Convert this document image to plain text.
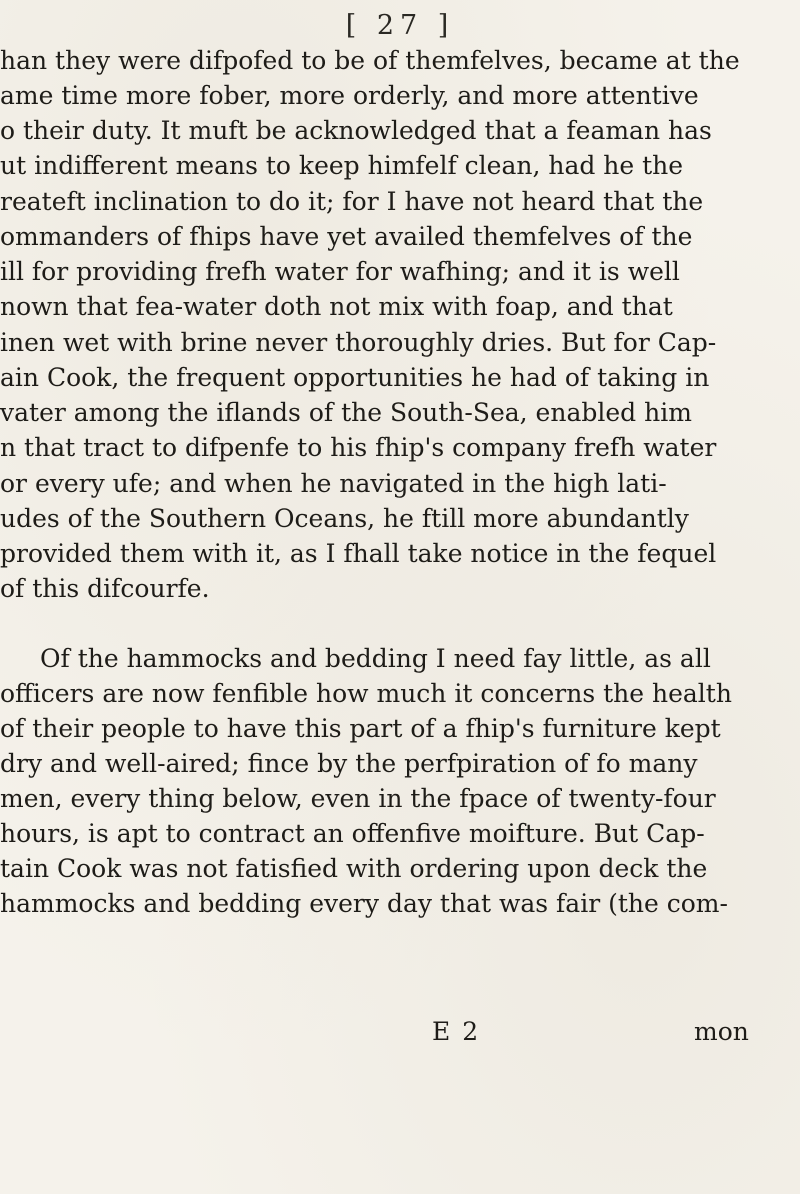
[ 27 ]
han they were difpofed to be of themfelves, became at the
ame time more fober, more orderly, and more attentive
o their duty. It muft be acknowledged that a feaman has
ut indifferent means to keep himfelf clean, had he the
reateft inclination to do it; for I have not heard that the
ommanders of fhips have yet availed themfelves of the
ill for providing frefh water for wafhing; and it is well
nown that fea-water doth not mix with foap, and that
inen wet with brine never thoroughly dries. But for Cap-
ain Cook, the frequent opportunities he had of taking in
vater among the iflands of the South-Sea, enabled him
n that tract to difpenfe to his fhip's company frefh water
or every ufe; and when he navigated in the high lati-
udes of the Southern Oceans, he ftill more abundantly
provided them with it, as I fhall take notice in the fequel
of this difcourfe.
Of the hammocks and bedding I need fay little, as all
officers are now fenfible how much it concerns the health
of their people to have this part of a fhip's furniture kept
dry and well-aired; fince by the perfpiration of fo many
men, every thing below, even in the fpace of twenty-four
hours, is apt to contract an offenfive moifture. But Cap-
tain Cook was not fatisfied with ordering upon deck the
hammocks and bedding every day that was fair (the com-
E 2	mon
